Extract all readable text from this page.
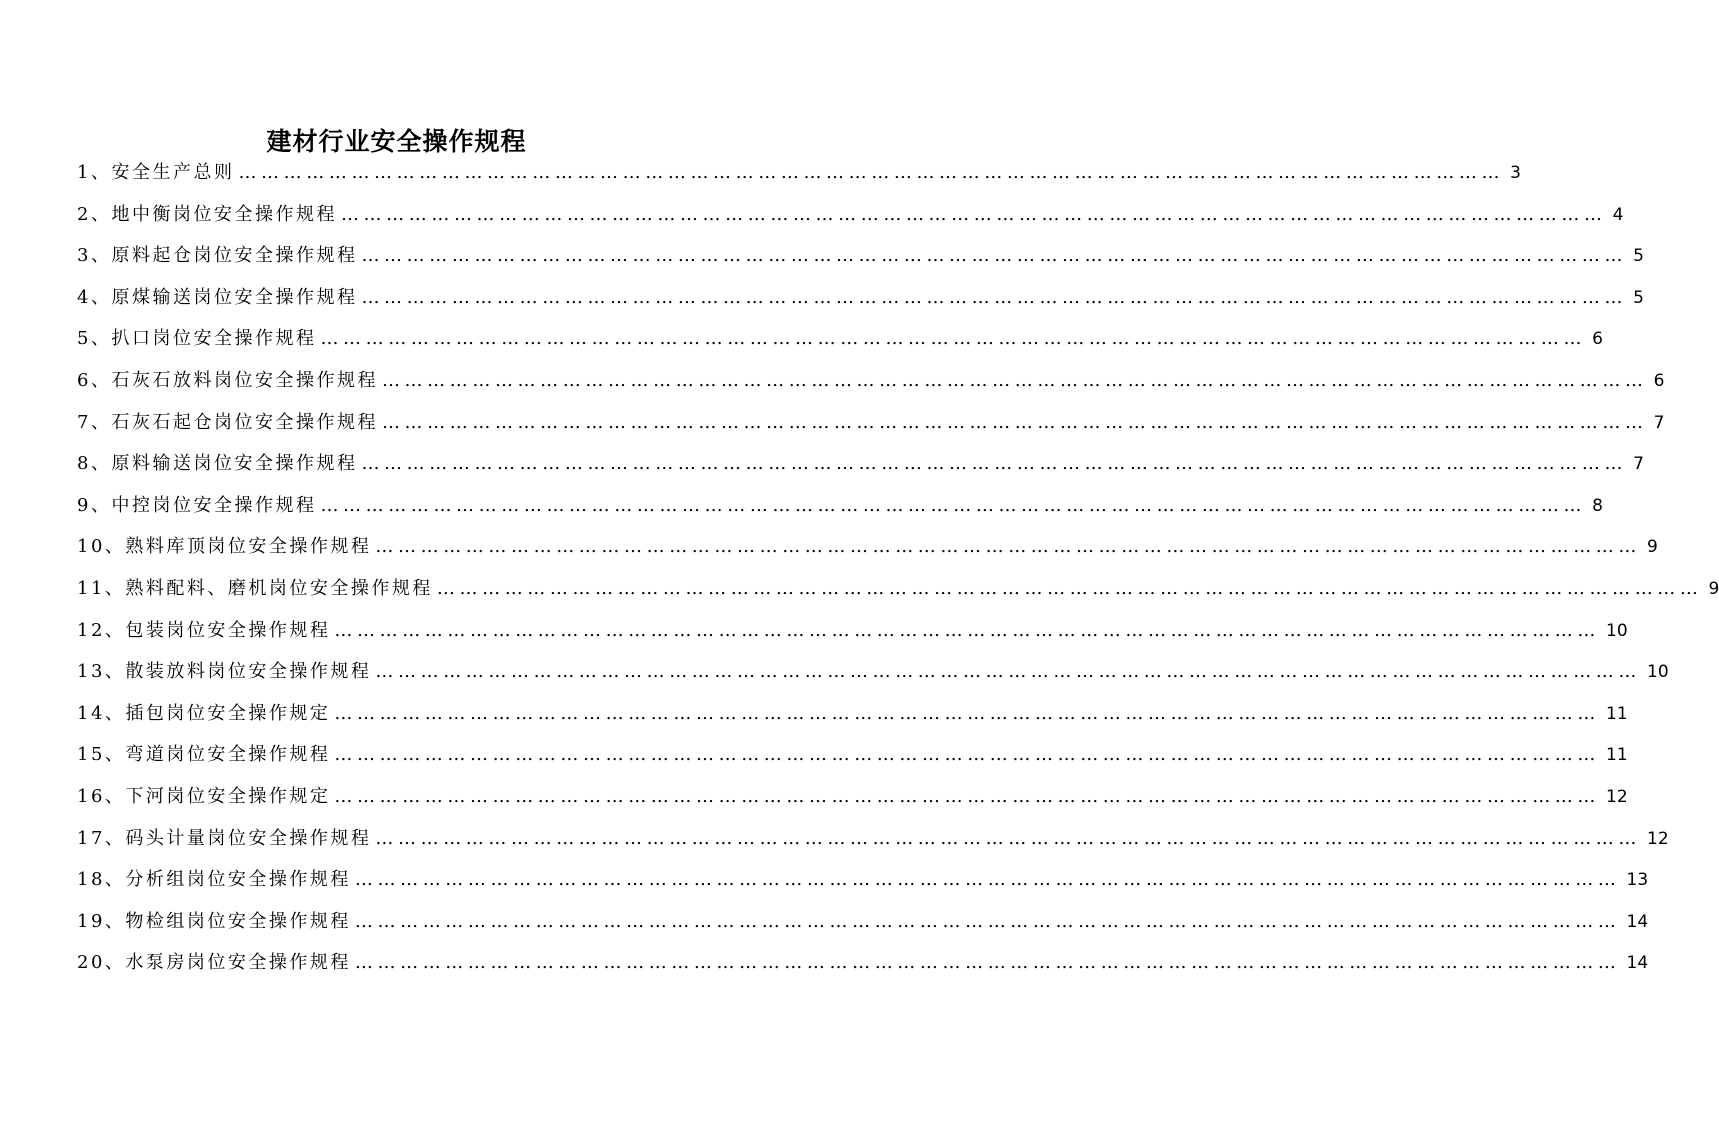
建材行业安全操作规程
1、安全生产总则 …………………………………………………………………………………………………………………………………………………… 3
2、地中衡岗位安全操作规程 …………………………………………………………………………………………………………………………………………………… 4
3、原料起仓岗位安全操作规程 …………………………………………………………………………………………………………………………………………………… 5
4、原煤输送岗位安全操作规程 …………………………………………………………………………………………………………………………………………………… 5
5、扒口岗位安全操作规程 …………………………………………………………………………………………………………………………………………………… 6
6、石灰石放料岗位安全操作规程 …………………………………………………………………………………………………………………………………………………… 6
7、石灰石起仓岗位安全操作规程 …………………………………………………………………………………………………………………………………………………… 7
8、原料输送岗位安全操作规程 …………………………………………………………………………………………………………………………………………………… 7
9、中控岗位安全操作规程 …………………………………………………………………………………………………………………………………………………… 8
10、熟料库顶岗位安全操作规程 …………………………………………………………………………………………………………………………………………………… 9
11、熟料配料、磨机岗位安全操作规程 …………………………………………………………………………………………………………………………………………………… 9
12、包装岗位安全操作规程 …………………………………………………………………………………………………………………………………………………… 10
13、散装放料岗位安全操作规程 …………………………………………………………………………………………………………………………………………………… 10
14、插包岗位安全操作规定 …………………………………………………………………………………………………………………………………………………… 11
15、弯道岗位安全操作规程 …………………………………………………………………………………………………………………………………………………… 11
16、下河岗位安全操作规定 …………………………………………………………………………………………………………………………………………………… 12
17、码头计量岗位安全操作规程 …………………………………………………………………………………………………………………………………………………… 12
18、分析组岗位安全操作规程 …………………………………………………………………………………………………………………………………………………… 13
19、物检组岗位安全操作规程 …………………………………………………………………………………………………………………………………………………… 14
20、水泵房岗位安全操作规程 …………………………………………………………………………………………………………………………………………………… 14
